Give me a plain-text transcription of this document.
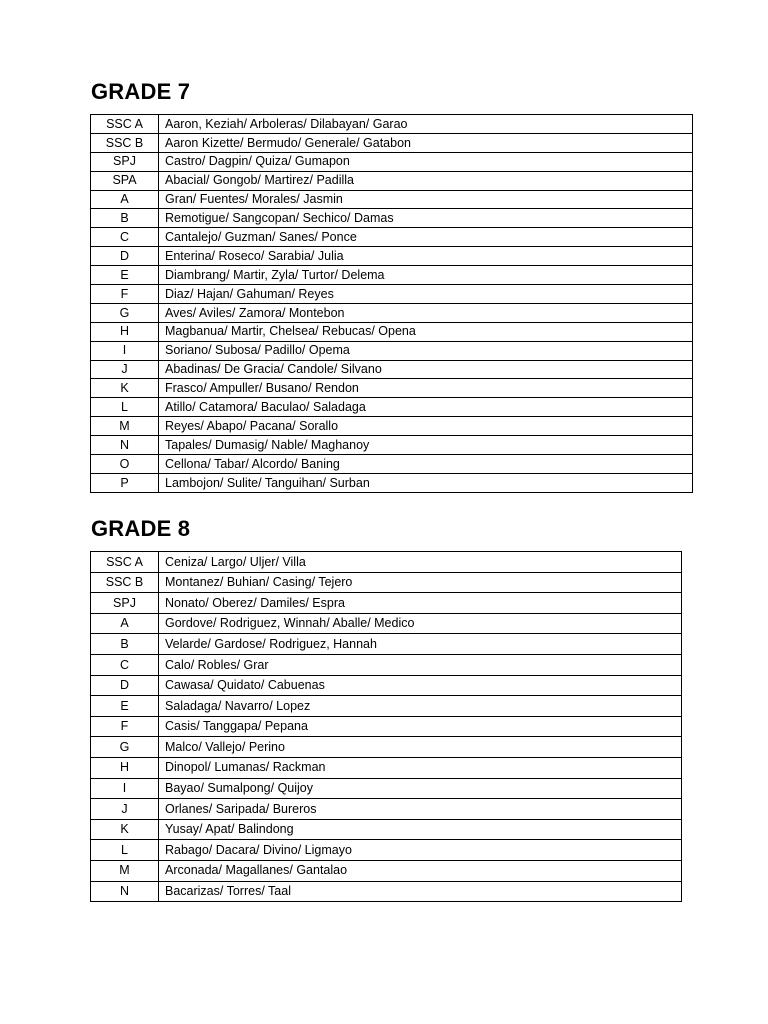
GRADE 7
SSC A	Aaron, Keziah/ Arboleras/ Dilabayan/ Garao
SSC B	Aaron Kizette/ Bermudo/ Generale/ Gatabon
SPJ	Castro/ Dagpin/ Quiza/ Gumapon
SPA	Abacial/ Gongob/ Martirez/ Padilla
A	Gran/ Fuentes/ Morales/ Jasmin
B	Remotigue/ Sangcopan/ Sechico/ Damas
C	Cantalejo/ Guzman/ Sanes/ Ponce
D	Enterina/ Roseco/ Sarabia/ Julia
E	Diambrang/ Martir, Zyla/ Turtor/ Delema
F	Diaz/ Hajan/ Gahuman/ Reyes
G	Aves/ Aviles/ Zamora/ Montebon
H	Magbanua/ Martir, Chelsea/ Rebucas/ Opena
I	Soriano/ Subosa/ Padillo/ Opema
J	Abadinas/ De Gracia/ Candole/ Silvano
K	Frasco/ Ampuller/ Busano/ Rendon
L	Atillo/ Catamora/ Baculao/ Saladaga
M	Reyes/ Abapo/ Pacana/ Sorallo
N	Tapales/ Dumasig/ Nable/ Maghanoy
O	Cellona/ Tabar/ Alcordo/ Baning
P	Lambojon/ Sulite/ Tanguihan/ Surban
GRADE 8
SSC A	Ceniza/ Largo/ Uljer/ Villa
SSC B	Montanez/ Buhian/ Casing/ Tejero
SPJ	Nonato/ Oberez/ Damiles/ Espra
A	Gordove/ Rodriguez, Winnah/ Aballe/ Medico
B	Velarde/ Gardose/ Rodriguez, Hannah
C	Calo/ Robles/ Grar
D	Cawasa/ Quidato/ Cabuenas
E	Saladaga/ Navarro/ Lopez
F	Casis/ Tanggapa/ Pepana
G	Malco/ Vallejo/ Perino
H	Dinopol/ Lumanas/ Rackman
I	Bayao/ Sumalpong/ Quijoy
J	Orlanes/ Saripada/ Bureros
K	Yusay/ Apat/ Balindong
L	Rabago/ Dacara/ Divino/ Ligmayo
M	Arconada/ Magallanes/ Gantalao
N	Bacarizas/ Torres/ Taal
